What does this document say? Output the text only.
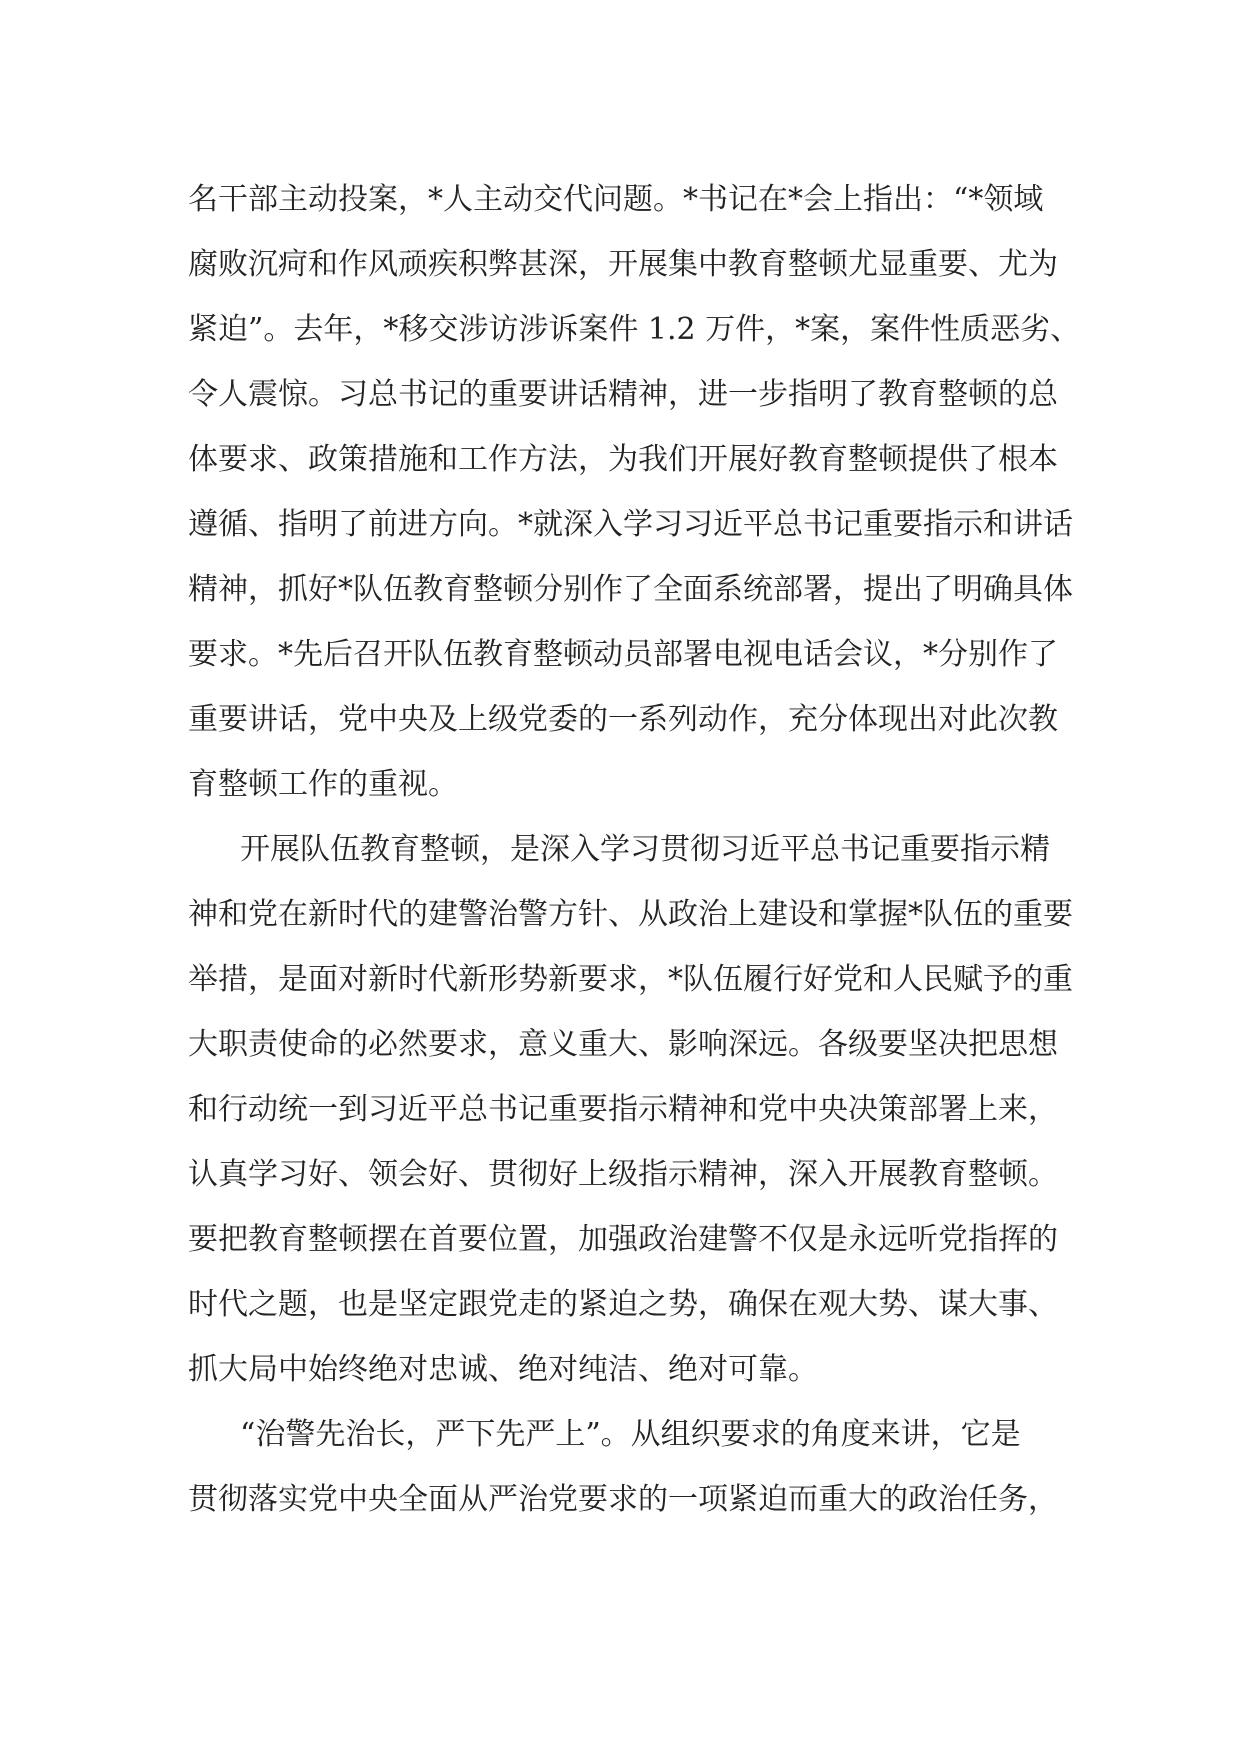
名干部主动投案，*人主动交代问题。*书记在*会上指出：“*领域
腐败沉疴和作风顽疾积弊甚深，开展集中教育整顿尤显重要、尤为
紧迫”。去年，*移交涉访涉诉案件 1.2 万件，*案，案件性质恶劣、
令人震惊。习总书记的重要讲话精神，进一步指明了教育整顿的总
体要求、政策措施和工作方法，为我们开展好教育整顿提供了根本
遵循、指明了前进方向。*就深入学习习近平总书记重要指示和讲话
精神，抓好*队伍教育整顿分别作了全面系统部署，提出了明确具体
要求。*先后召开队伍教育整顿动员部署电视电话会议，*分别作了
重要讲话，党中央及上级党委的一系列动作，充分体现出对此次教
育整顿工作的重视。
开展队伍教育整顿，是深入学习贯彻习近平总书记重要指示精
神和党在新时代的建警治警方针、从政治上建设和掌握*队伍的重要
举措，是面对新时代新形势新要求，*队伍履行好党和人民赋予的重
大职责使命的必然要求，意义重大、影响深远。各级要坚决把思想
和行动统一到习近平总书记重要指示精神和党中央决策部署上来，
认真学习好、领会好、贯彻好上级指示精神，深入开展教育整顿。
要把教育整顿摆在首要位置，加强政治建警不仅是永远听党指挥的
时代之题，也是坚定跟党走的紧迫之势，确保在观大势、谋大事、
抓大局中始终绝对忠诚、绝对纯洁、绝对可靠。
“治警先治长，严下先严上”。从组织要求的角度来讲，它是
贯彻落实党中央全面从严治党要求的一项紧迫而重大的政治任务，
